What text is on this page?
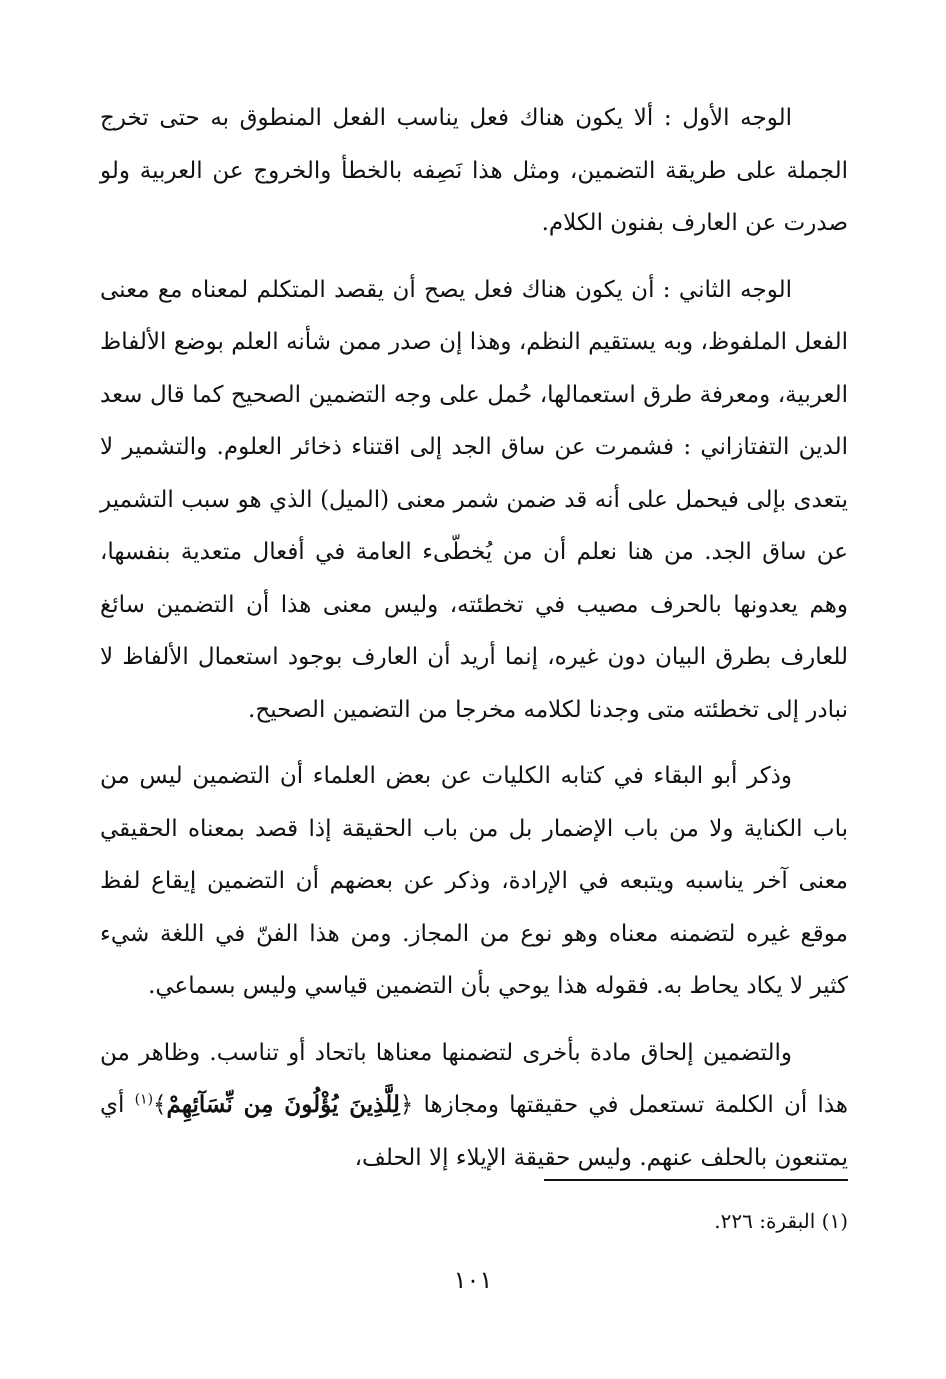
الوجه الأول : ألا يكون هناك فعل يناسب الفعل المنطوق به حتى تخرج الجملة على طريقة التضمين، ومثل هذا نَصِفه بالخطأ والخروج عن العربية ولو صدرت عن العارف بفنون الكلام.

الوجه الثاني : أن يكون هناك فعل يصح أن يقصد المتكلم لمعناه مع معنى الفعل الملفوظ، وبه يستقيم النظم، وهذا إن صدر ممن شأنه العلم بوضع الألفاظ العربية، ومعرفة طرق استعمالها، حُمل على وجه التضمين الصحيح كما قال سعد الدين التفتازاني : فشمرت عن ساق الجد إلى اقتناء ذخائر العلوم. والتشمير لا يتعدى بإلى فيحمل على أنه قد ضمن شمر معنى (الميل) الذي هو سبب التشمير عن ساق الجد. من هنا نعلم أن من يُخطّىء العامة في أفعال متعدية بنفسها، وهم يعدونها بالحرف مصيب في تخطئته، وليس معنى هذا أن التضمين سائغ للعارف بطرق البيان دون غيره، إنما أريد أن العارف بوجود استعمال الألفاظ لا نبادر إلى تخطئته متى وجدنا لكلامه مخرجا من التضمين الصحيح.

وذكر أبو البقاء في كتابه الكليات عن بعض العلماء أن التضمين ليس من باب الكناية ولا من باب الإضمار بل من باب الحقيقة إذا قصد بمعناه الحقيقي معنى آخر يناسبه ويتبعه في الإرادة، وذكر عن بعضهم أن التضمين إيقاع لفظ موقع غيره لتضمنه معناه وهو نوع من المجاز. ومن هذا الفنّ في اللغة شيء كثير لا يكاد يحاط به. فقوله هذا يوحي بأن التضمين قياسي وليس بسماعي.

والتضمين إلحاق مادة بأخرى لتضمنها معناها باتحاد أو تناسب. وظاهر من هذا أن الكلمة تستعمل في حقيقتها ومجازها ﴿لِلَّذِينَ يُؤْلُونَ مِن نِّسَآئِهِمْ﴾$^{(١)}$ أي يمتنعون بالحلف عنهم. وليس حقيقة الإيلاء إلا الحلف،

(١) البقرة: ٢٢٦.
١٠١
